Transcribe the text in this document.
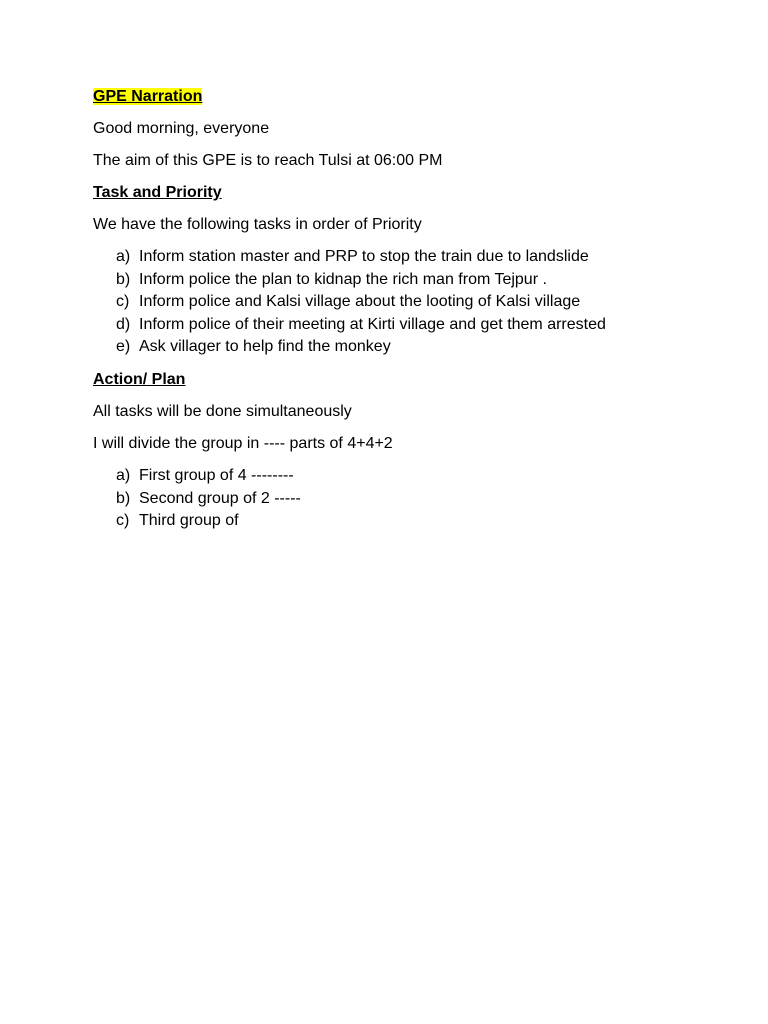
GPE Narration

Good morning, everyone

The aim of this GPE is to reach Tulsi at 06:00 PM

Task and Priority

We have the following tasks in order of Priority

a) Inform station master and PRP to stop the train due to landslide
b) Inform police the plan to kidnap the rich man from Tejpur .
c) Inform police and Kalsi village about the looting of Kalsi village
d) Inform police of their meeting at Kirti village and get them arrested
e) Ask villager to help find the monkey

Action/ Plan

All tasks will be done simultaneously

I will divide the group in ---- parts of 4+4+2

a) First group of 4 --------
b) Second group of 2 -----
c) Third group of
